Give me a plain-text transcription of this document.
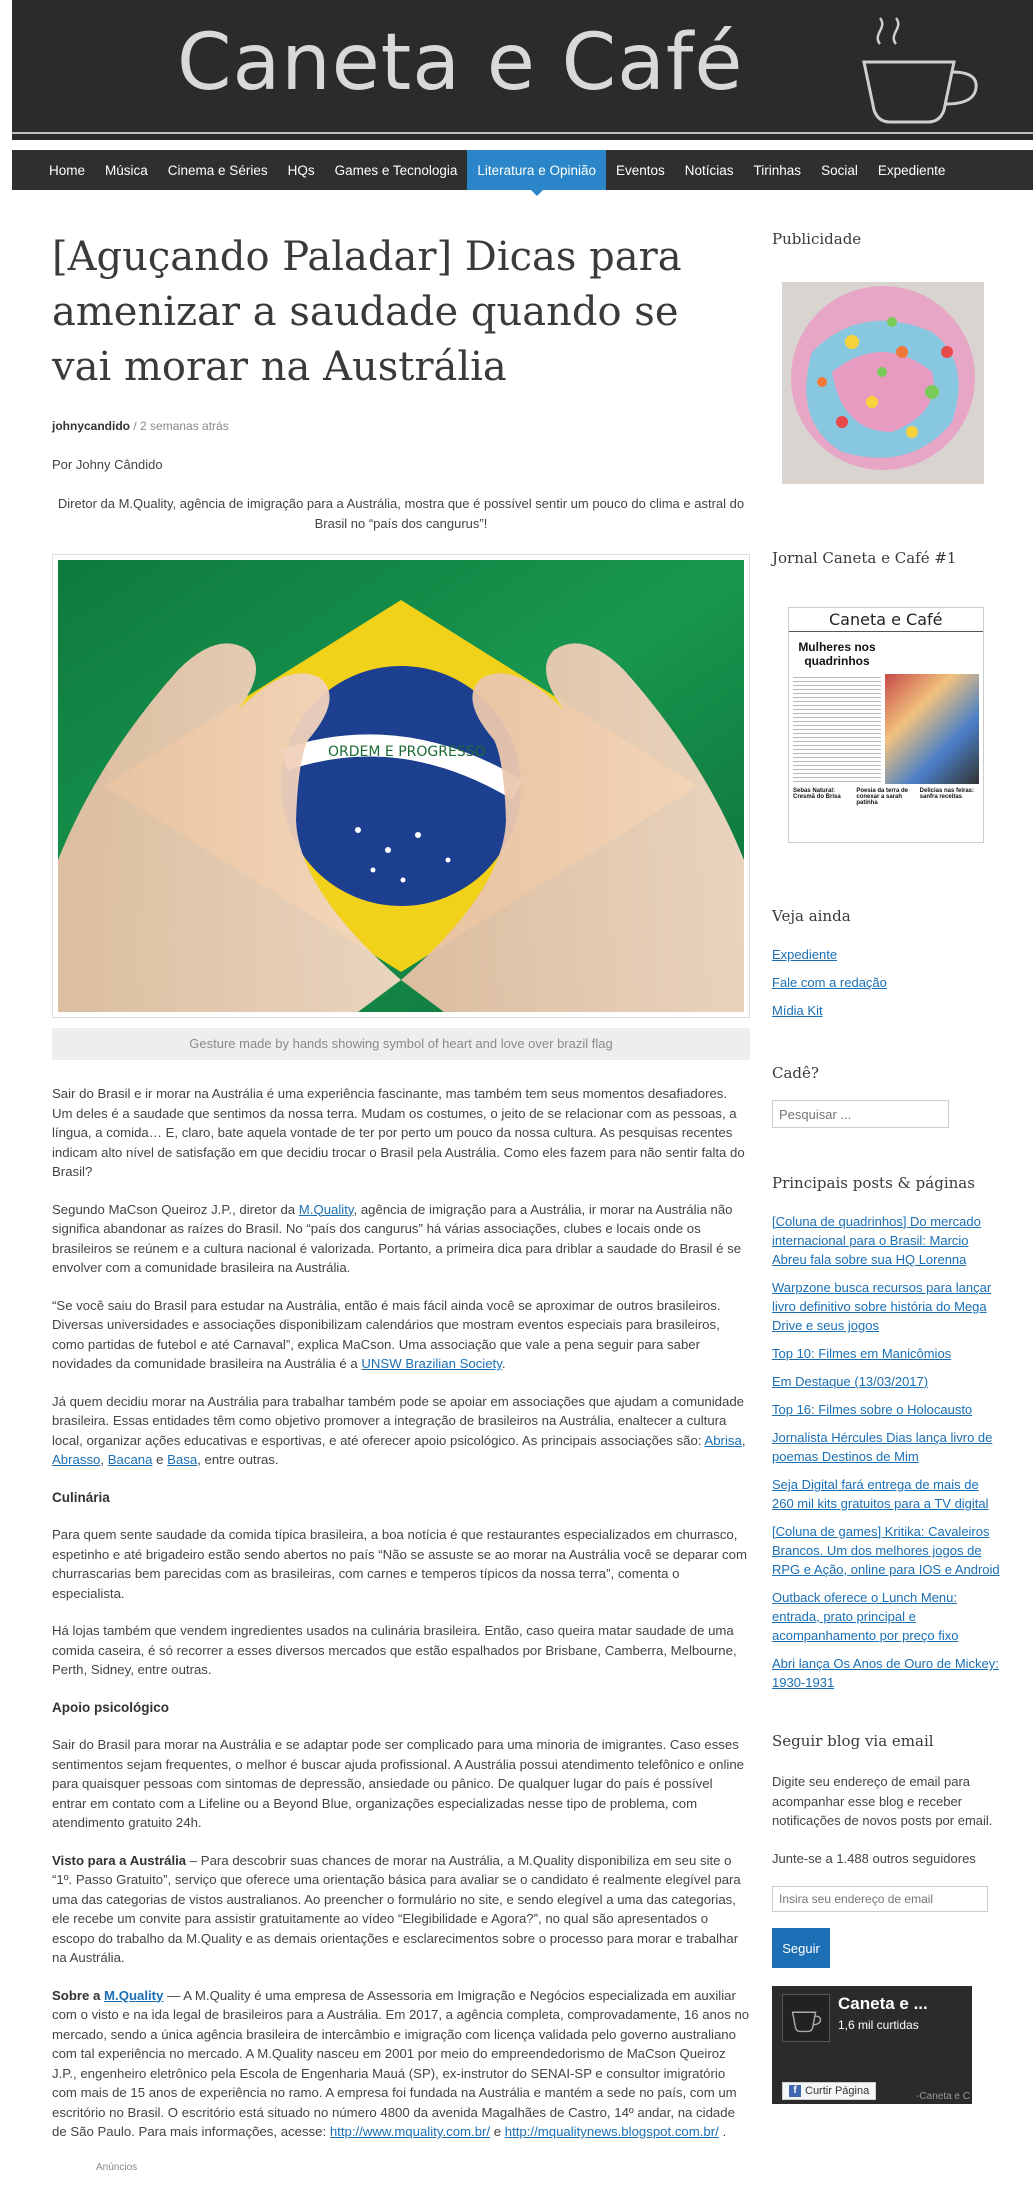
Caneta e Café
Home	Música	Cinema e Séries	HQs	Games e Tecnologia	Literatura e Opinião	Eventos	Notícias	Tirinhas	Social	Expediente
[Aguçando Paladar] Dicas para amenizar a saudade quando se vai morar na Austrália
johnycandido / 2 semanas atrás

Por Johny Cândido

Diretor da M.Quality, agência de imigração para a Austrália, mostra que é possível sentir um pouco do clima e astral do Brasil no “país dos cangurus”!

ORDEM E PROGRESSO
Gesture made by hands showing symbol of heart and love over brazil flag

Sair do Brasil e ir morar na Austrália é uma experiência fascinante, mas também tem seus momentos desafiadores. Um deles é a saudade que sentimos da nossa terra. Mudam os costumes, o jeito de se relacionar com as pessoas, a língua, a comida… E, claro, bate aquela vontade de ter por perto um pouco da nossa cultura. As pesquisas recentes indicam alto nível de satisfação em que decidiu trocar o Brasil pela Austrália. Como eles fazem para não sentir falta do Brasil?

Segundo MaCson Queiroz J.P., diretor da M.Quality, agência de imigração para a Austrália, ir morar na Austrália não significa abandonar as raízes do Brasil. No “país dos cangurus” há várias associações, clubes e locais onde os brasileiros se reúnem e a cultura nacional é valorizada. Portanto, a primeira dica para driblar a saudade do Brasil é se envolver com a comunidade brasileira na Austrália.

“Se você saiu do Brasil para estudar na Austrália, então é mais fácil ainda você se aproximar de outros brasileiros. Diversas universidades e associações disponibilizam calendários que mostram eventos especiais para brasileiros, como partidas de futebol e até Carnaval”, explica MaCson. Uma associação que vale a pena seguir para saber novidades da comunidade brasileira na Austrália é a UNSW Brazilian Society.

Já quem decidiu morar na Austrália para trabalhar também pode se apoiar em associações que ajudam a comunidade brasileira. Essas entidades têm como objetivo promover a integração de brasileiros na Austrália, enaltecer a cultura local, organizar ações educativas e esportivas, e até oferecer apoio psicológico. As principais associações são: Abrisa, Abrasso, Bacana e Basa, entre outras.

Culinária

Para quem sente saudade da comida típica brasileira, a boa notícia é que restaurantes especializados em churrasco, espetinho e até brigadeiro estão sendo abertos no país “Não se assuste se ao morar na Austrália você se deparar com churrascarias bem parecidas com as brasileiras, com carnes e temperos típicos da nossa terra”, comenta o especialista.

Há lojas também que vendem ingredientes usados na culinária brasileira. Então, caso queira matar saudade de uma comida caseira, é só recorrer a esses diversos mercados que estão espalhados por Brisbane, Camberra, Melbourne, Perth, Sidney, entre outras.

Apoio psicológico

Sair do Brasil para morar na Austrália e se adaptar pode ser complicado para uma minoria de imigrantes. Caso esses sentimentos sejam frequentes, o melhor é buscar ajuda profissional. A Austrália possui atendimento telefônico e online para quaisquer pessoas com sintomas de depressão, ansiedade ou pânico. De qualquer lugar do país é possível entrar em contato com a Lifeline ou a Beyond Blue, organizações especializadas nesse tipo de problema, com atendimento gratuito 24h.

Visto para a Austrália – Para descobrir suas chances de morar na Austrália, a M.Quality disponibiliza em seu site o “1º. Passo Gratuito”, serviço que oferece uma orientação básica para avaliar se o candidato é realmente elegível para uma das categorias de vistos australianos. Ao preencher o formulário no site, e sendo elegível a uma das categorias, ele recebe um convite para assistir gratuitamente ao vídeo “Elegibilidade e Agora?”, no qual são apresentados o escopo do trabalho da M.Quality e as demais orientações e esclarecimentos sobre o processo para morar e trabalhar na Austrália.

Sobre a M.Quality — A M.Quality é uma empresa de Assessoria em Imigração e Negócios especializada em auxiliar com o visto e na ida legal de brasileiros para a Austrália. Em 2017, a agência completa, comprovadamente, 16 anos no mercado, sendo a única agência brasileira de intercâmbio e imigração com licença validada pelo governo australiano com tal experiência no mercado. A M.Quality nasceu em 2001 por meio do empreendedorismo de MaCson Queiroz J.P., engenheiro eletrônico pela Escola de Engenharia Mauá (SP), ex-instrutor do SENAI-SP e consultor imigratório com mais de 15 anos de experiência no ramo. A empresa foi fundada na Austrália e mantém a sede no país, com um escritório no Brasil. O escritório está situado no número 4800 da avenida Magalhães de Castro, 14º andar, na cidade de São Paulo. Para mais informações, acesse: http://www.mquality.com.br/ e http://mqualitynews.blogspot.com.br/ .

Anúncios
Publicidade
Jornal Caneta e Café #1
Caneta e Café
Mulheres nos quadrinhos
Sebas Natural: Cresmã do Brisa
Poesia da terra de conexar a sarah patinha
Delicias nas feiras: sanfra receitas
Veja ainda
Expediente
Fale com a redação
Mídia Kit
Cadê?
Pesquisar ...
Principais posts & páginas
[Coluna de quadrinhos] Do mercado internacional para o Brasil: Marcio Abreu fala sobre sua HQ Lorenna
Warpzone busca recursos para lançar livro definitivo sobre história do Mega Drive e seus jogos
Top 10: Filmes em Manicômios
Em Destaque (13/03/2017)
Top 16: Filmes sobre o Holocausto
Jornalista Hércules Dias lança livro de poemas Destinos de Mim
Seja Digital fará entrega de mais de 260 mil kits gratuitos para a TV digital
[Coluna de games] Kritika: Cavaleiros Brancos. Um dos melhores jogos de RPG e Ação, online para IOS e Android
Outback oferece o Lunch Menu: entrada, prato principal e acompanhamento por preço fixo
Abri lança Os Anos de Ouro de Mickey: 1930-1931
Seguir blog via email

Digite seu endereço de email para acompanhar esse blog e receber notificações de novos posts por email.

Junte-se a 1.488 outros seguidores

Insira seu endereço de email Seguir
Caneta e ...
1,6 mil curtidas
f Curtir Página	-Caneta e C
